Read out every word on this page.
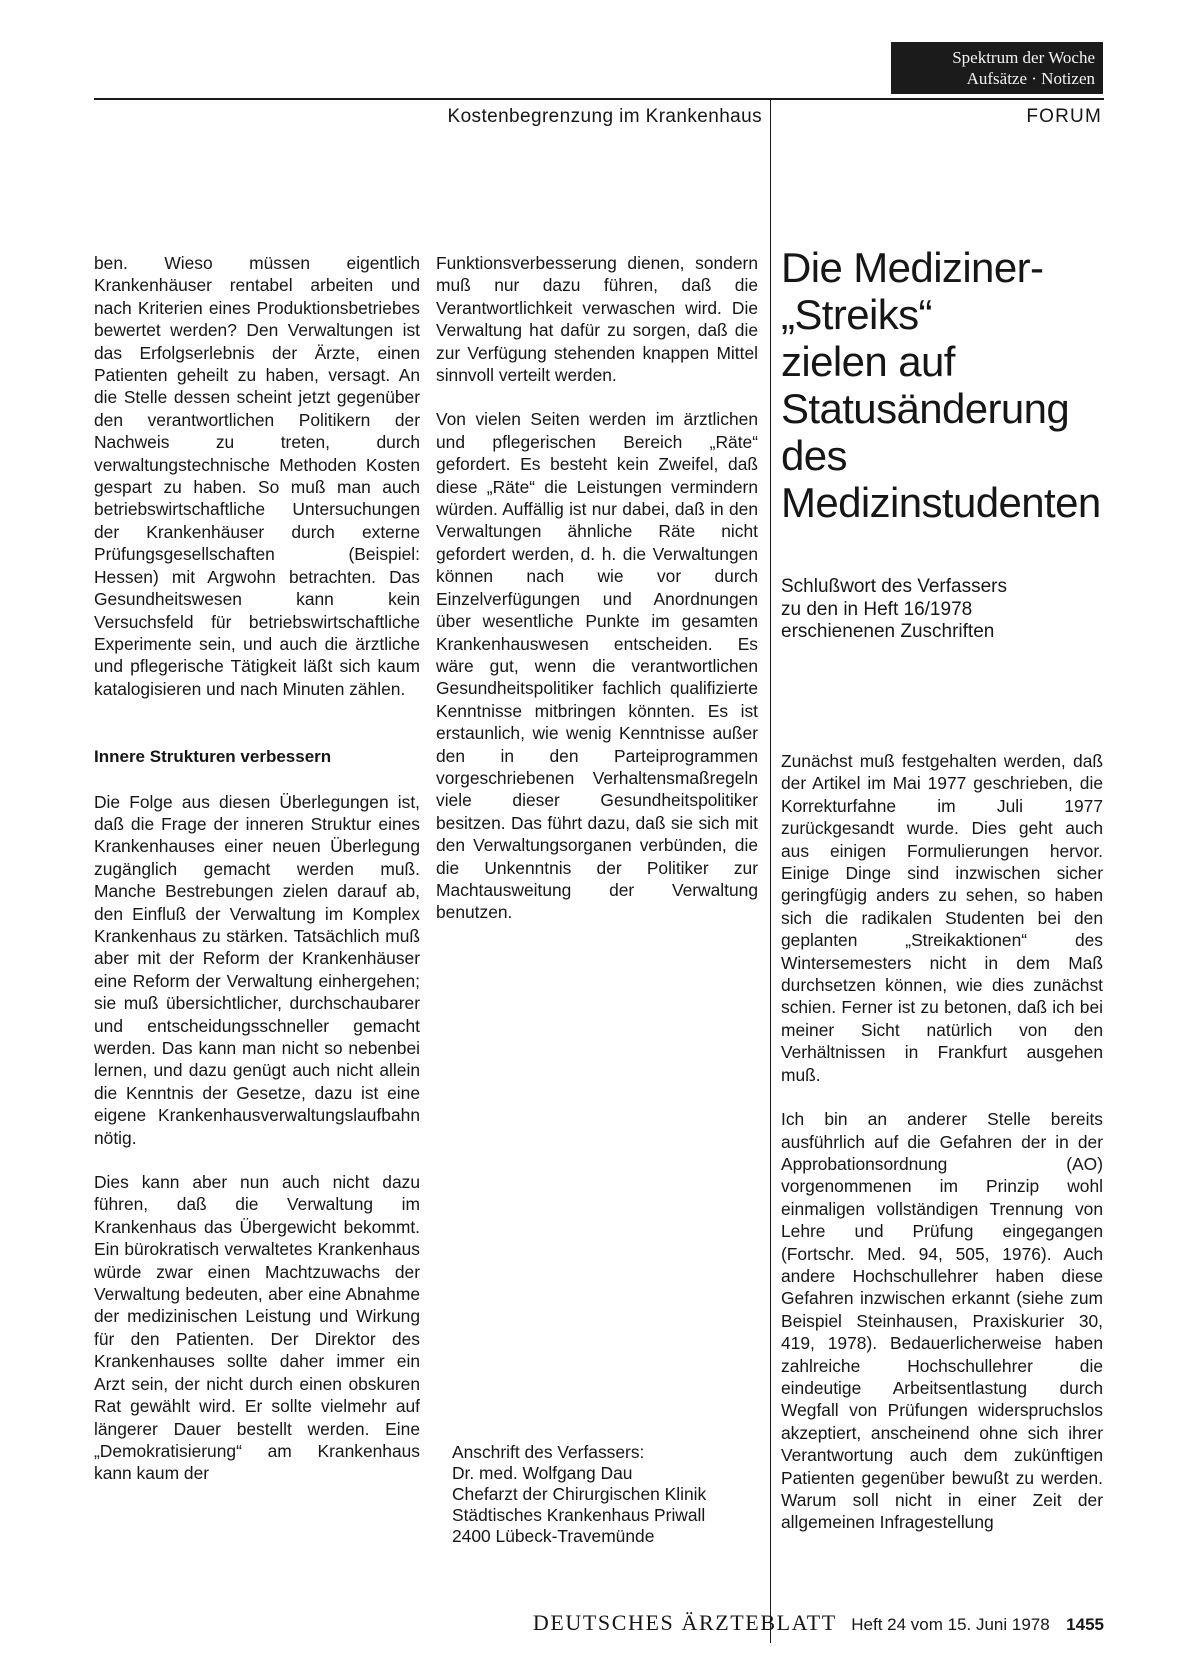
Spektrum der Woche
Aufsätze · Notizen
Kostenbegrenzung im Krankenhaus	FORUM

ben. Wieso müssen eigentlich Krankenhäuser rentabel arbeiten und nach Kriterien eines Produktionsbetriebes bewertet werden? Den Verwaltungen ist das Erfolgserlebnis der Ärzte, einen Patienten geheilt zu haben, versagt. An die Stelle dessen scheint jetzt gegenüber den verantwortlichen Politikern der Nachweis zu treten, durch verwaltungstechnische Methoden Kosten gespart zu haben. So muß man auch betriebswirtschaftliche Untersuchungen der Krankenhäuser durch externe Prüfungsgesellschaften (Beispiel: Hessen) mit Argwohn betrachten. Das Gesundheitswesen kann kein Versuchsfeld für betriebswirtschaftliche Experimente sein, und auch die ärztliche und pflegerische Tätigkeit läßt sich kaum katalogisieren und nach Minuten zählen.

Innere Strukturen verbessern

Die Folge aus diesen Überlegungen ist, daß die Frage der inneren Struktur eines Krankenhauses einer neuen Überlegung zugänglich gemacht werden muß. Manche Bestrebungen zielen darauf ab, den Einfluß der Verwaltung im Komplex Krankenhaus zu stärken. Tatsächlich muß aber mit der Reform der Krankenhäuser eine Reform der Verwaltung einhergehen; sie muß übersichtlicher, durchschaubarer und entscheidungsschneller gemacht werden. Das kann man nicht so nebenbei lernen, und dazu genügt auch nicht allein die Kenntnis der Gesetze, dazu ist eine eigene Krankenhausverwaltungslaufbahn nötig.

Dies kann aber nun auch nicht dazu führen, daß die Verwaltung im Krankenhaus das Übergewicht bekommt. Ein bürokratisch verwaltetes Krankenhaus würde zwar einen Machtzuwachs der Verwaltung bedeuten, aber eine Abnahme der medizinischen Leistung und Wirkung für den Patienten. Der Direktor des Krankenhauses sollte daher immer ein Arzt sein, der nicht durch einen obskuren Rat gewählt wird. Er sollte vielmehr auf längerer Dauer bestellt werden. Eine „Demokratisierung“ am Krankenhaus kann kaum der

Funktionsverbesserung dienen, sondern muß nur dazu führen, daß die Verantwortlichkeit verwaschen wird. Die Verwaltung hat dafür zu sorgen, daß die zur Verfügung stehenden knappen Mittel sinnvoll verteilt werden.

Von vielen Seiten werden im ärztlichen und pflegerischen Bereich „Räte“ gefordert. Es besteht kein Zweifel, daß diese „Räte“ die Leistungen vermindern würden. Auffällig ist nur dabei, daß in den Verwaltungen ähnliche Räte nicht gefordert werden, d. h. die Verwaltungen können nach wie vor durch Einzelverfügungen und Anordnungen über wesentliche Punkte im gesamten Krankenhauswesen entscheiden. Es wäre gut, wenn die verantwortlichen Gesundheitspolitiker fachlich qualifizierte Kenntnisse mitbringen könnten. Es ist erstaunlich, wie wenig Kenntnisse außer den in den Parteiprogrammen vorgeschriebenen Verhaltensmaßregeln viele dieser Gesundheitspolitiker besitzen. Das führt dazu, daß sie sich mit den Verwaltungsorganen verbünden, die die Unkenntnis der Politiker zur Machtausweitung der Verwaltung benutzen.

Anschrift des Verfassers:
Dr. med. Wolfgang Dau
Chefarzt der Chirurgischen Klinik
Städtisches Krankenhaus Priwall
2400 Lübeck-Travemünde
Die Mediziner-
„Streiks“
zielen auf
Statusänderung
des
Medizinstudenten
Schlußwort des Verfassers
zu den in Heft 16/1978
erschienenen Zuschriften

Zunächst muß festgehalten werden, daß der Artikel im Mai 1977 geschrieben, die Korrekturfahne im Juli 1977 zurückgesandt wurde. Dies geht auch aus einigen Formulierungen hervor. Einige Dinge sind inzwischen sicher geringfügig anders zu sehen, so haben sich die radikalen Studenten bei den geplanten „Streikaktionen“ des Wintersemesters nicht in dem Maß durchsetzen können, wie dies zunächst schien. Ferner ist zu betonen, daß ich bei meiner Sicht natürlich von den Verhältnissen in Frankfurt ausgehen muß.

Ich bin an anderer Stelle bereits ausführlich auf die Gefahren der in der Approbationsordnung (AO) vorgenommenen im Prinzip wohl einmaligen vollständigen Trennung von Lehre und Prüfung eingegangen (Fortschr. Med. 94, 505, 1976). Auch andere Hochschullehrer haben diese Gefahren inzwischen erkannt (siehe zum Beispiel Steinhausen, Praxiskurier 30, 419, 1978). Bedauerlicherweise haben zahlreiche Hochschullehrer die eindeutige Arbeitsentlastung durch Wegfall von Prüfungen widerspruchslos akzeptiert, anscheinend ohne sich ihrer Verantwortung auch dem zukünftigen Patienten gegenüber bewußt zu werden. Warum soll nicht in einer Zeit der allgemeinen Infragestellung

DEUTSCHES ÄRZTEBLATT Heft 24 vom 15. Juni 1978 1455
